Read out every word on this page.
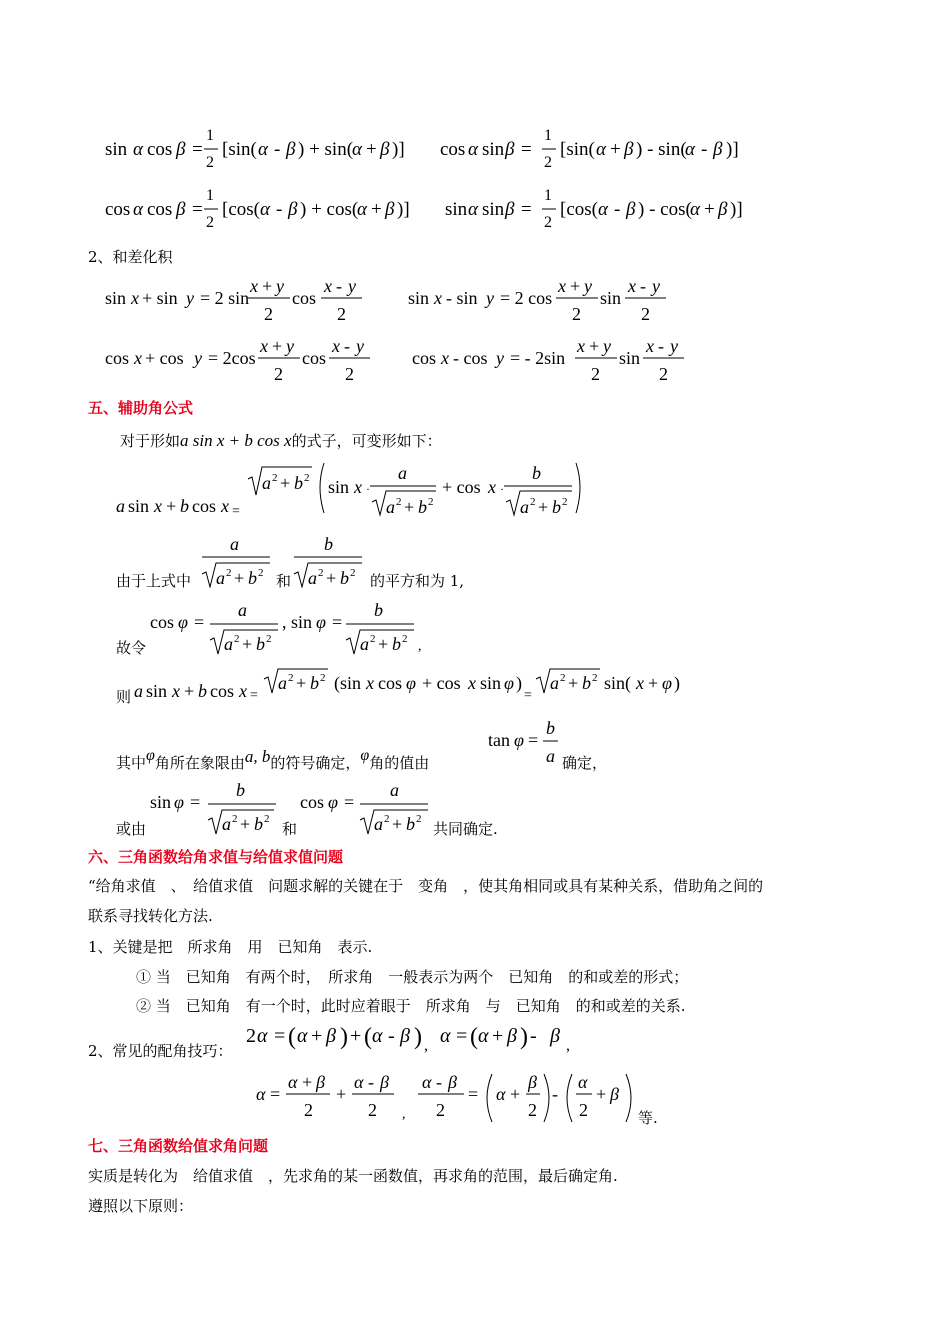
sin α cos β =
1
2
[sin( α - β ) + sin(
α + β )] cos α sin β =
1
2
[sin( α + β ) - sin(
α - β )]
cos α cos β =
1
2
[cos( α - β ) + cos(
α + β )] sin α sin β =
1
2
[cos( α - β ) - cos(
α + β )]
2、和差化积
sin x + sin y = 2 sin
x + y
2
cos
x - y
2
sin x - sin y = 2 cos
x + y
2
sin
x - y
2
cos x + cos y = 2cos
x + y
2
cos
x - y
2
cos x - cos y = - 2sin
x + y
2
sin
x - y
2
五、辅助角公式
对于形如a sin x + b cos x的式子，可变形如下：
a sin x + b cos x =
a 2 + b 2 sin x ·
a
a 2 + b 2
+ cos x ·
b
a 2 + b 2
由于上式中
a
a 2 + b 2 和
b
a 2 + b 2 的平方和为 1,
故令
cos φ =
a
a 2 + b 2
, sin φ =
b
a 2 + b 2 ,
则 a sin x + b cos x =
a 2 + b 2 (sin x cos φ + cos x sin φ )
=
a 2 + b 2 sin( x + φ )
其中φ角所在象限由a, b的符号确定，φ角的值由
tan φ =
b
a 确定，
或由
sin φ =
b
a 2 + b 2
和
cos φ =
a
a 2 + b 2
共同确定.
六、三角函数给角求值与给值求值问题
“给角求值　、　给值求值　问题求解的关键在于　变角　，使其角相同或具有某种关系，借助角之间的
联系寻找转化方法.
1、关键是把　所求角　用　已知角　表示.
① 当　已知角　有两个时，　所求角　一般表示为两个　已知角　的和或差的形式；
② 当　已知角　有一个时，此时应着眼于　所求角　与　已知角　的和或差的关系.
2、常见的配角技巧：
2 α = ( α + β ) + ( α - β ) , α = ( α + β ) - β ,
α =
α + β
2
+
α - β
2 ,
α - β
2
= α +
β
2
-
α
2
+ β
等.
七、三角函数给值求角问题
实质是转化为　给值求值　，先求角的某一函数值，再求角的范围，最后确定角.
遵照以下原则：
